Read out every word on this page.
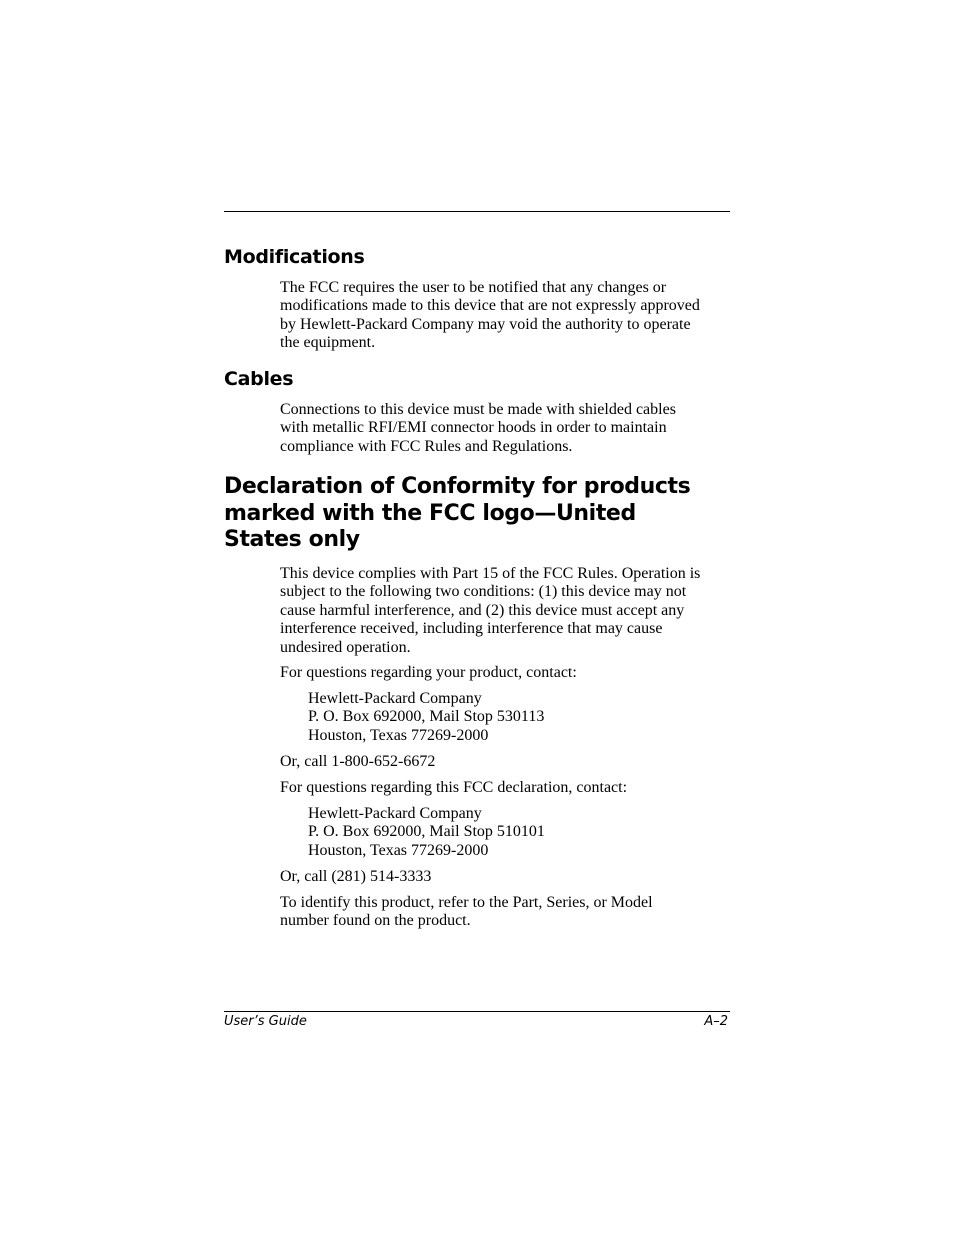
Modifications
The FCC requires the user to be notified that any changes or
modifications made to this device that are not expressly approved
by Hewlett-Packard Company may void the authority to operate
the equipment.
Cables
Connections to this device must be made with shielded cables
with metallic RFI/EMI connector hoods in order to maintain
compliance with FCC Rules and Regulations.
Declaration of Conformity for products
marked with the FCC logo—United
States only
This device complies with Part 15 of the FCC Rules. Operation is
subject to the following two conditions: (1) this device may not
cause harmful interference, and (2) this device must accept any
interference received, including interference that may cause
undesired operation.
For questions regarding your product, contact:
Hewlett-Packard Company
P. O. Box 692000, Mail Stop 530113
Houston, Texas 77269-2000
Or, call 1-800-652-6672
For questions regarding this FCC declaration, contact:
Hewlett-Packard Company
P. O. Box 692000, Mail Stop 510101
Houston, Texas 77269-2000
Or, call (281) 514-3333
To identify this product, refer to the Part, Series, or Model
number found on the product.
User’s Guide	A–2
